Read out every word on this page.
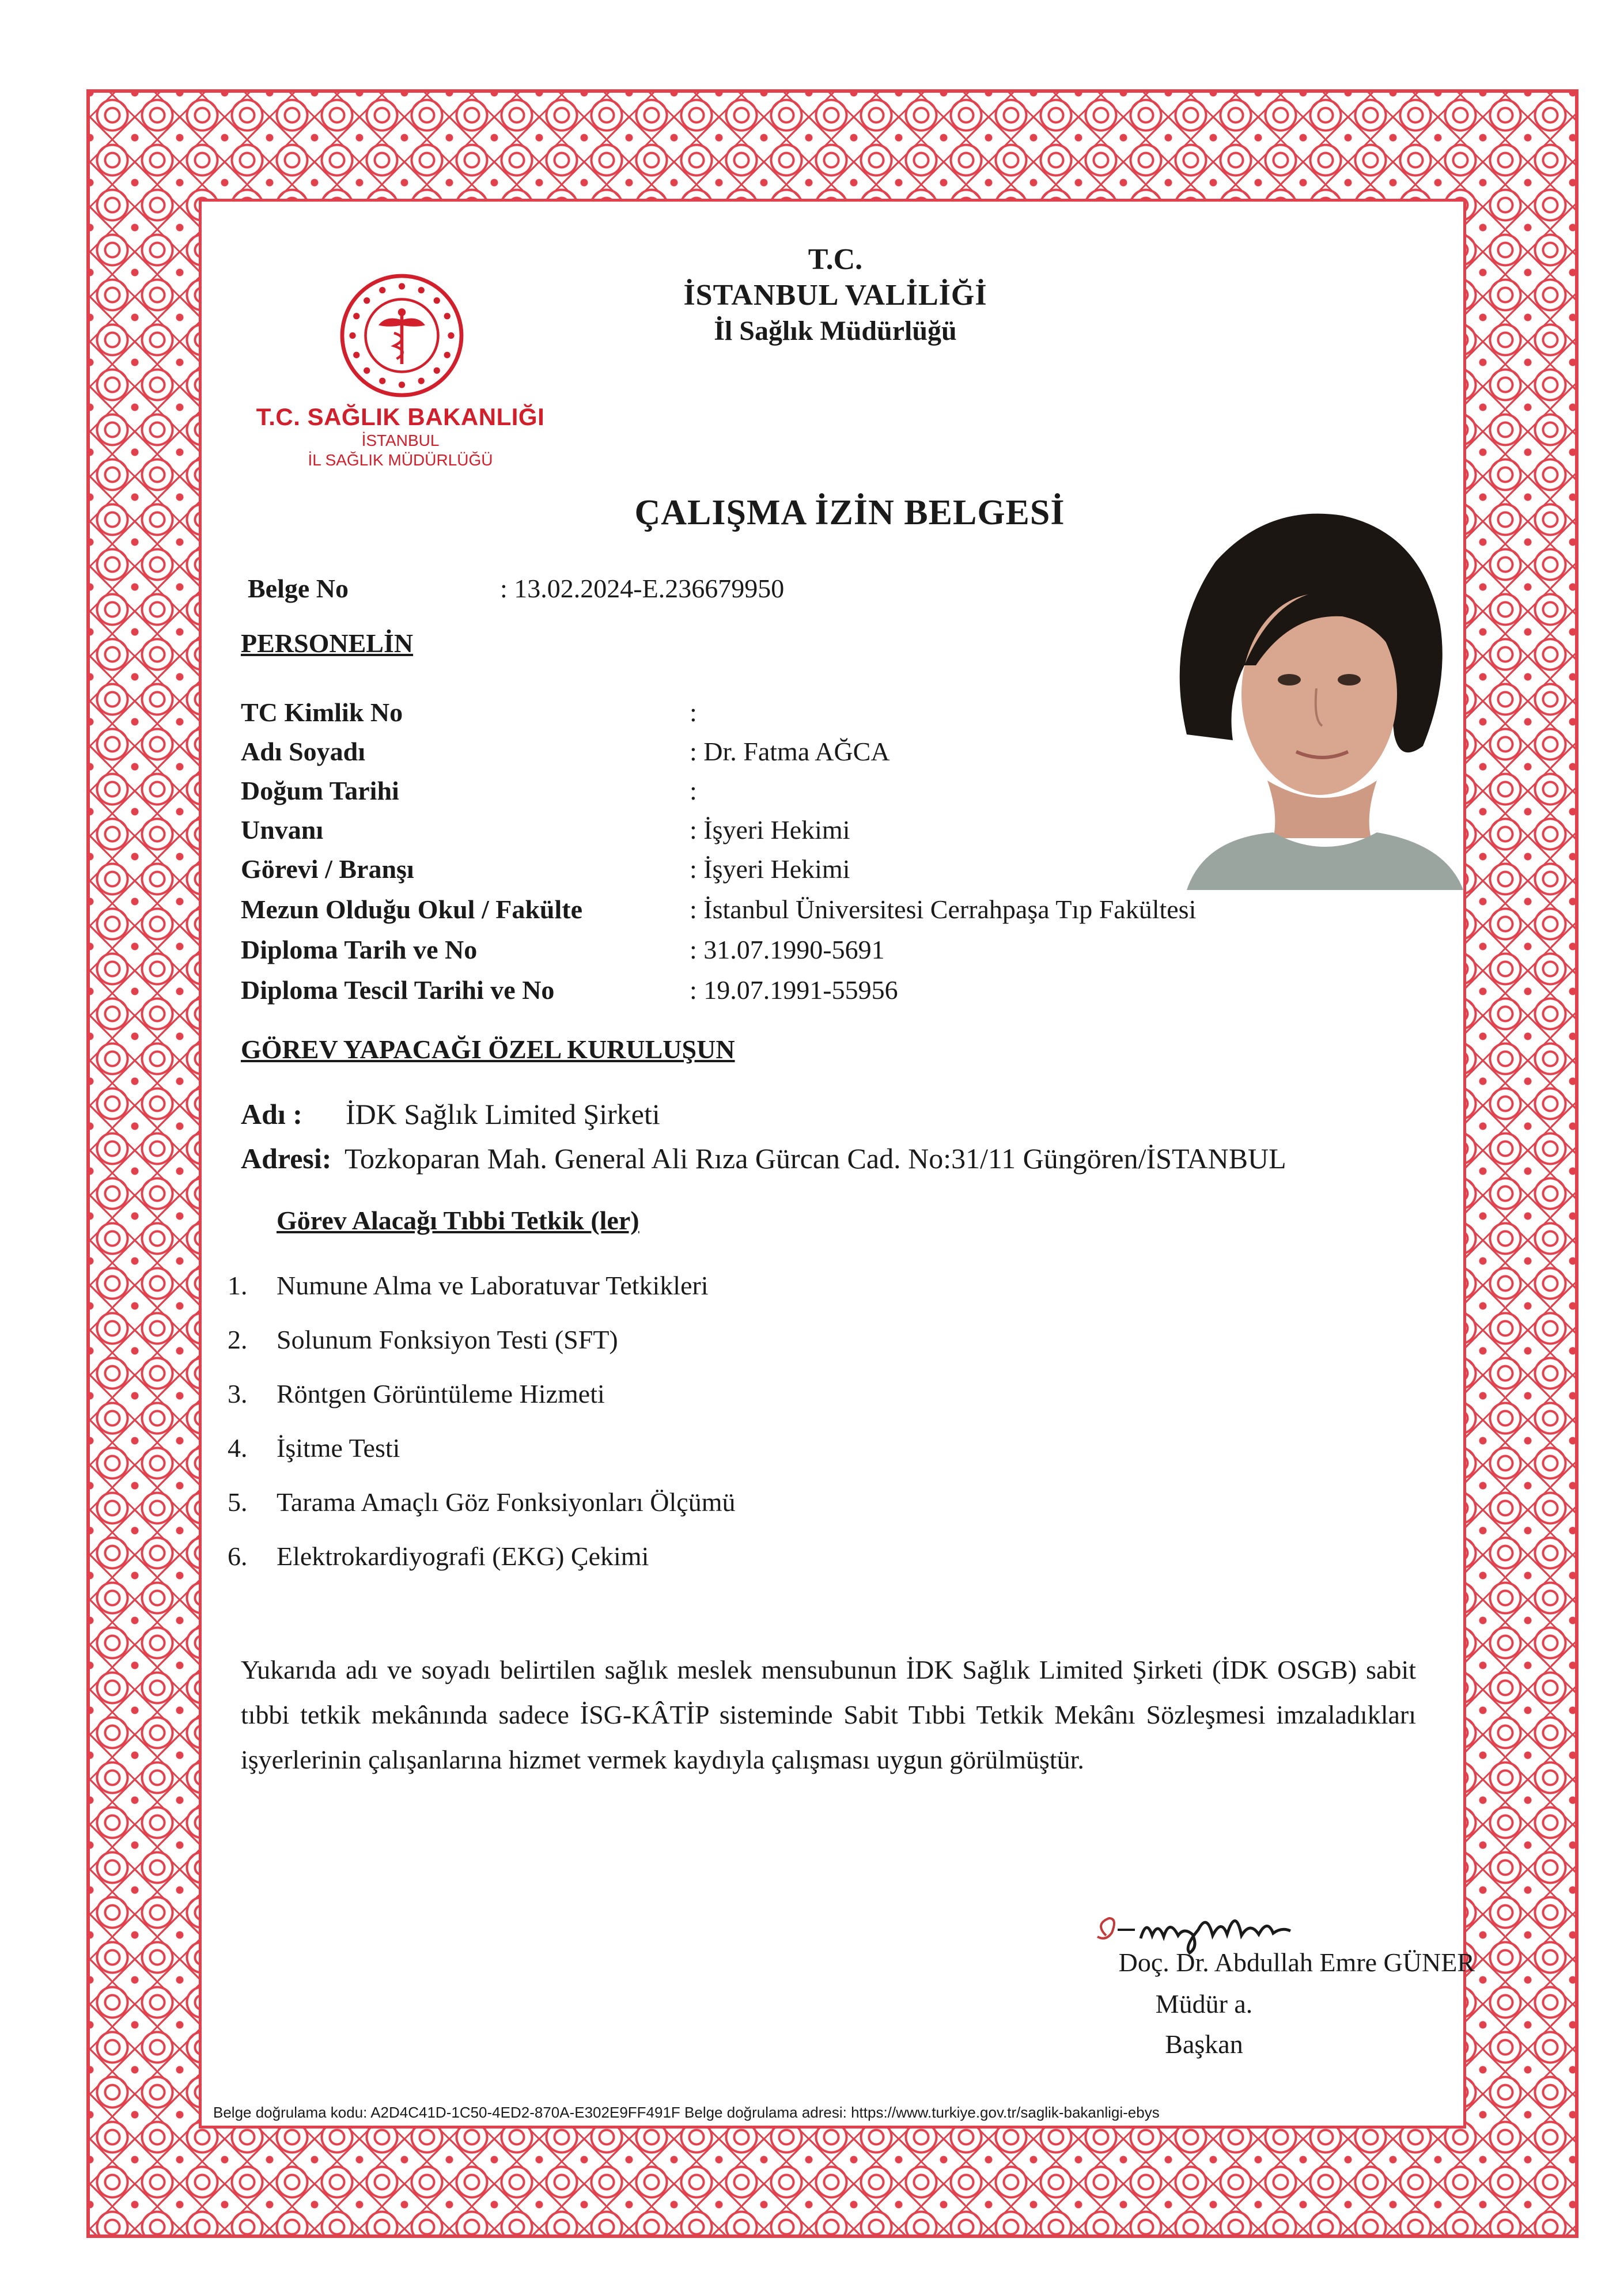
T.C. SAĞLIK BAKANLIĞI
İSTANBUL
İL SAĞLIK MÜDÜRLÜĞÜ
T.C.
İSTANBUL VALİLİĞİ
İl Sağlık Müdürlüğü
ÇALIŞMA İZİN BELGESİ
Belge No	: 13.02.2024-E.236679950
PERSONELİN
TC Kimlik No	:
Adı Soyadı	: Dr. Fatma AĞCA
Doğum Tarihi	:
Unvanı	: İşyeri Hekimi
Görevi / Branşı	: İşyeri Hekimi
Mezun Olduğu Okul / Fakülte	: İstanbul Üniversitesi Cerrahpaşa Tıp Fakültesi
Diploma Tarih ve No	: 31.07.1990-5691
Diploma Tescil Tarihi ve No	: 19.07.1991-55956
GÖREV YAPACAĞI ÖZEL KURULUŞUN
Adı : İDK Sağlık Limited Şirketi
Adresi: Tozkoparan Mah. General Ali Rıza Gürcan Cad. No:31/11 Güngören/İSTANBUL
Görev Alacağı Tıbbi Tetkik (ler)
1.	Numune Alma ve Laboratuvar Tetkikleri
2.	Solunum Fonksiyon Testi (SFT)
3.	Röntgen Görüntüleme Hizmeti
4.	İşitme Testi
5.	Tarama Amaçlı Göz Fonksiyonları Ölçümü
6.	Elektrokardiyografi (EKG) Çekimi
Yukarıda adı ve soyadı belirtilen sağlık meslek mensubunun İDK Sağlık Limited Şirketi (İDK OSGB) sabit tıbbi tetkik mekânında sadece İSG-KÂTİP sisteminde Sabit Tıbbi Tetkik Mekânı Sözleşmesi imzaladıkları işyerlerinin çalışanlarına hizmet vermek kaydıyla çalışması uygun görülmüştür.
Doç. Dr. Abdullah Emre GÜNER
Müdür a.
Başkan
Belge doğrulama kodu: A2D4C41D-1C50-4ED2-870A-E302E9FF491F Belge doğrulama adresi: https://www.turkiye.gov.tr/saglik-bakanligi-ebys
